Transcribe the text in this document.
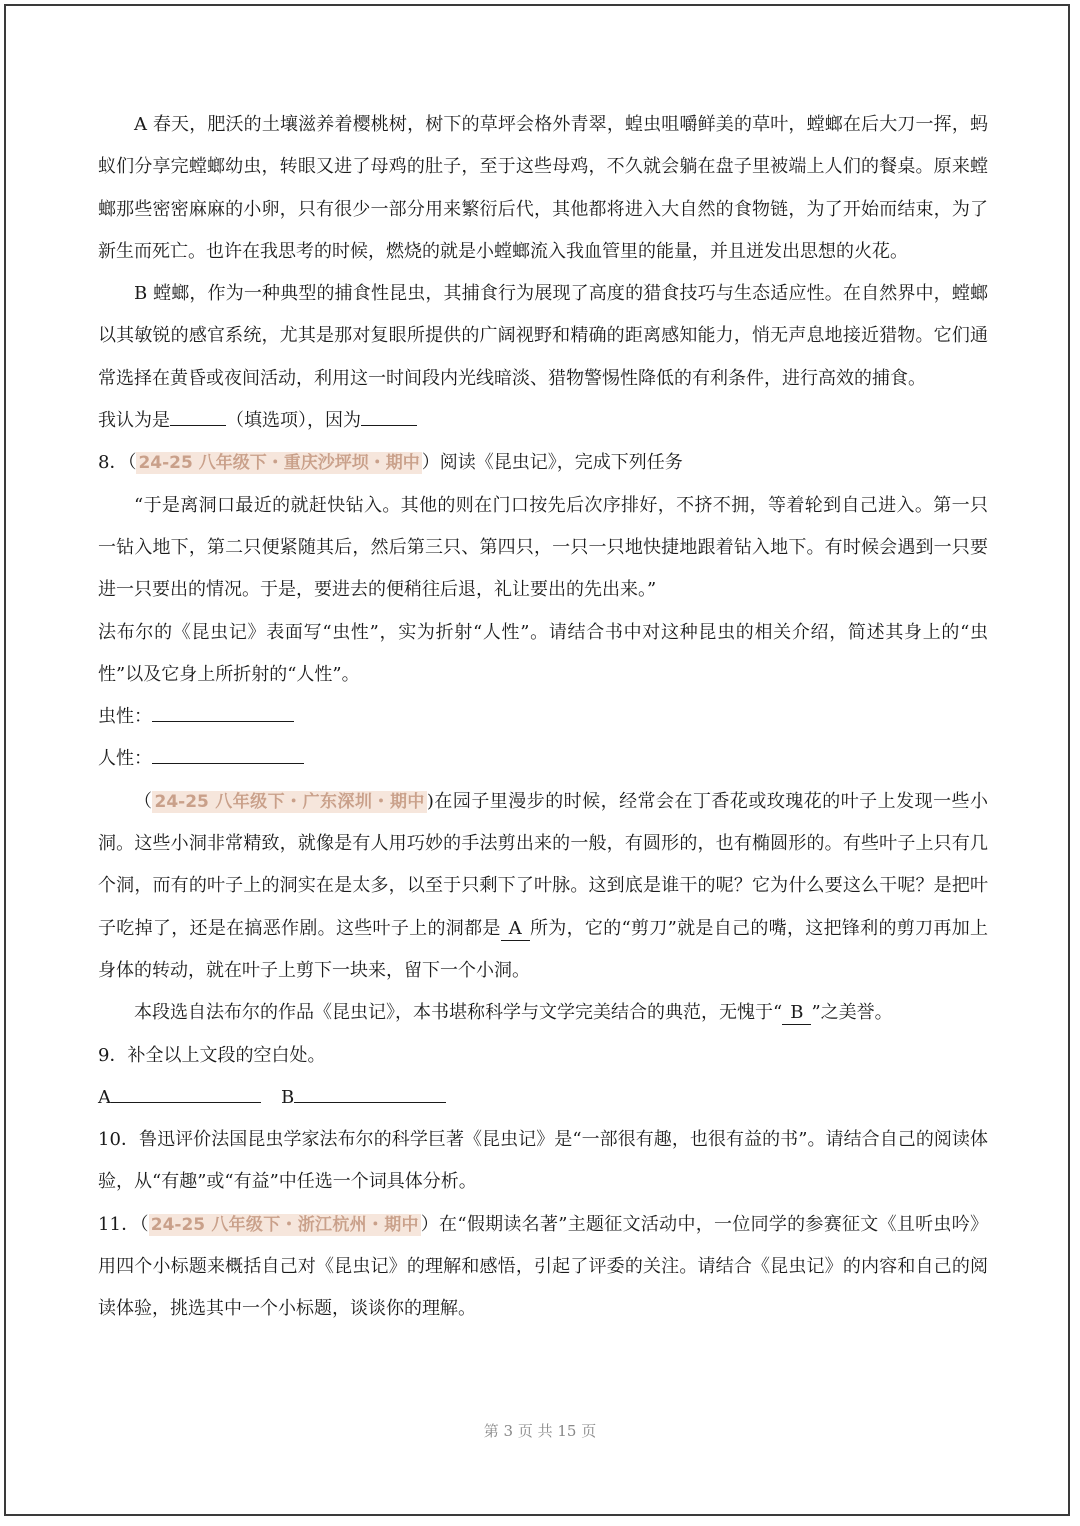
A 春天，肥沃的土壤滋养着樱桃树，树下的草坪会格外青翠，蝗虫咀嚼鲜美的草叶，螳螂在后大刀一挥，蚂蚁们分享完螳螂幼虫，转眼又进了母鸡的肚子，至于这些母鸡，不久就会躺在盘子里被端上人们的餐桌。原来螳螂那些密密麻麻的小卵，只有很少一部分用来繁衍后代，其他都将进入大自然的食物链，为了开始而结束，为了新生而死亡。也许在我思考的时候，燃烧的就是小螳螂流入我血管里的能量，并且迸发出思想的火花。

B 螳螂，作为一种典型的捕食性昆虫，其捕食行为展现了高度的猎食技巧与生态适应性。在自然界中，螳螂以其敏锐的感官系统，尤其是那对复眼所提供的广阔视野和精确的距离感知能力，悄无声息地接近猎物。它们通常选择在黄昏或夜间活动，利用这一时间段内光线暗淡、猎物警惕性降低的有利条件，进行高效的捕食。

我认为是	（填选项），因为

8．（ 24-25 八年级下・重庆沙坪坝・期中 ）阅读《昆虫记》，完成下列任务

“于是离洞口最近的就赶快钻入。其他的则在门口按先后次序排好，不挤不拥，等着轮到自己进入。第一只一钻入地下，第二只便紧随其后，然后第三只、第四只，一只一只地快捷地跟着钻入地下。有时候会遇到一只要进一只要出的情况。于是，要进去的便稍往后退，礼让要出的先出来。”

法布尔的《昆虫记》表面写“虫性”，实为折射“人性”。请结合书中对这种昆虫的相关介绍，简述其身上的“虫性”以及它身上所折射的“人性”。

虫性：

人性：

（ 24-25 八年级下・广东深圳・期中 )在园子里漫步的时候，经常会在丁香花或玫瑰花的叶子上发现一些小洞。这些小洞非常精致，就像是有人用巧妙的手法剪出来的一般，有圆形的，也有椭圆形的。有些叶子上只有几个洞，而有的叶子上的洞实在是太多，以至于只剩下了叶脉。这到底是谁干的呢？它为什么要这么干呢？是把叶子吃掉了，还是在搞恶作剧。这些叶子上的洞都是 A 所为，它的“剪刀”就是自己的嘴，这把锋利的剪刀再加上身体的转动，就在叶子上剪下一块来，留下一个小洞。

本段选自法布尔的作品《昆虫记》，本书堪称科学与文学完美结合的典范，无愧于“ B ”之美誉。

9．补全以上文段的空白处。

A	B

10．鲁迅评价法国昆虫学家法布尔的科学巨著《昆虫记》是“一部很有趣，也很有益的书”。请结合自己的阅读体验，从“有趣”或“有益”中任选一个词具体分析。

11．（ 24-25 八年级下・浙江杭州・期中 ）在“假期读名著”主题征文活动中，一位同学的参赛征文《且听虫吟》用四个小标题来概括自己对《昆虫记》的理解和感悟，引起了评委的关注。请结合《昆虫记》的内容和自己的阅读体验，挑选其中一个小标题，谈谈你的理解。

第 3 页 共 15 页
